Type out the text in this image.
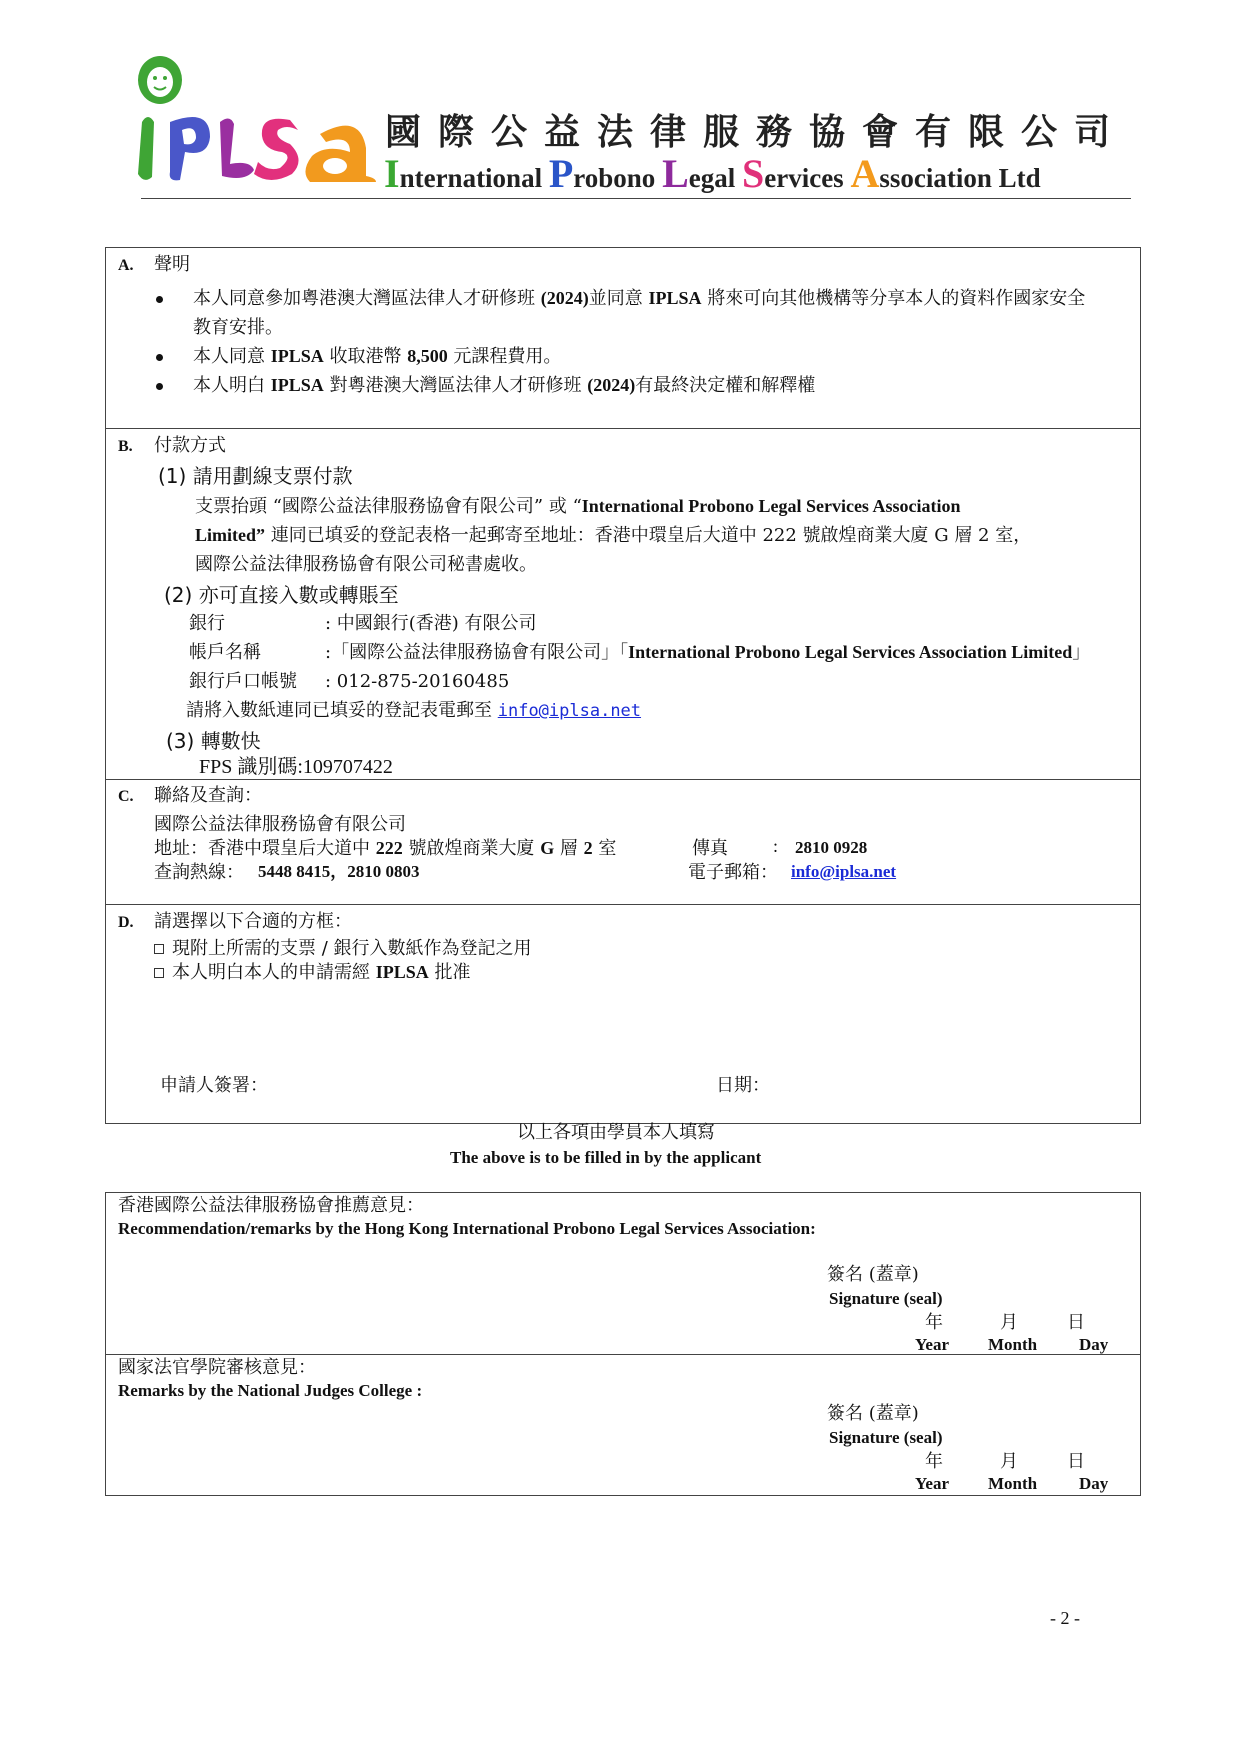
國際公益法律服務協會有限公司
International Probono Legal Services Association Ltd
A. 聲明
本人同意參加粵港澳大灣區法律人才研修班 (2024)並同意 IPLSA 將來可向其他機構等分享本人的資料作國家安全
教育安排。
本人同意 IPLSA 收取港幣 8,500 元課程費用。
本人明白 IPLSA 對粵港澳大灣區法律人才研修班 (2024)有最終決定權和解釋權
B. 付款方式
(1) 請用劃線支票付款
支票抬頭 “國際公益法律服務協會有限公司” 或 “International Probono Legal Services Association
Limited” 連同已填妥的登記表格一起郵寄至地址：香港中環皇后大道中 222 號啟煌商業大廈 G 層 2 室，
國際公益法律服務協會有限公司秘書處收。
(2) 亦可直接入數或轉賬至
銀行	: 中國銀行(香港) 有限公司
帳戶名稱	:「國際公益法律服務協會有限公司」「International Probono Legal Services Association Limited」
銀行戶口帳號 : 012-875-20160485
請將入數紙連同已填妥的登記表電郵至 info@iplsa.net
(3) 轉數快
FPS 識別碼:109707422
C. 聯絡及查詢：
國際公益法律服務協會有限公司
地址：香港中環皇后大道中 222 號啟煌商業大廈 G 層 2 室
查詢熱線： 5448 8415，2810 0803
傳真	: 2810 0928
電子郵箱： info@iplsa.net
D. 請選擇以下合適的方框：
現附上所需的支票 / 銀行入數紙作為登記之用
本人明白本人的申請需經 IPLSA 批准
申請人簽署：	日期：
以上各項由學員本人填寫
The above is to be filled in by the applicant
香港國際公益法律服務協會推薦意見：
Recommendation/remarks by the Hong Kong International Probono Legal Services Association:
簽名 (蓋章)
Signature (seal)
年	月	日
Year Month Day
國家法官學院審核意見：
Remarks by the National Judges College :
簽名 (蓋章)
Signature (seal)
年	月	日
Year Month Day
- 2 -
